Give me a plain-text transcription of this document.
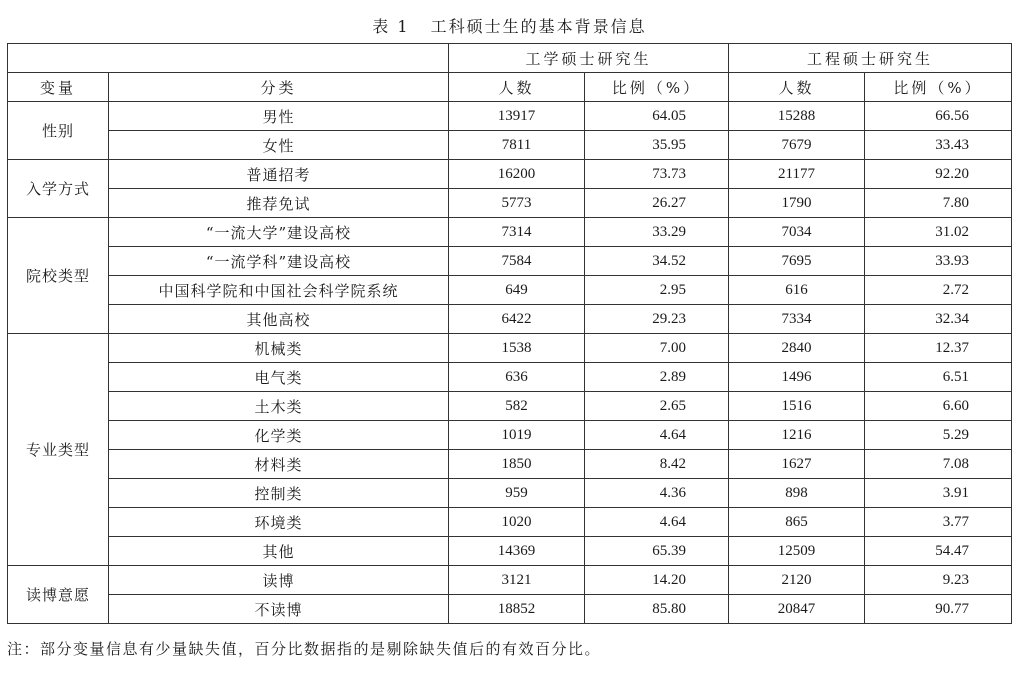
表 1 工科硕士生的基本背景信息
		工学硕士研究生		工程硕士研究生	
变量	分类	人数	比例（%）	人数	比例（%）
性别	男性	13917	64.05	15288	66.56
	女性	7811	35.95	7679	33.43
入学方式	普通招考	16200	73.73	21177	92.20
	推荐免试	5773	26.27	1790	7.80
院校类型	“一流大学”建设高校	7314	33.29	7034	31.02
	“一流学科”建设高校	7584	34.52	7695	33.93
	中国科学院和中国社会科学院系统	649	2.95	616	2.72
	其他高校	6422	29.23	7334	32.34
专业类型	机械类	1538	7.00	2840	12.37
	电气类	636	2.89	1496	6.51
	土木类	582	2.65	1516	6.60
	化学类	1019	4.64	1216	5.29
	材料类	1850	8.42	1627	7.08
	控制类	959	4.36	898	3.91
	环境类	1020	4.64	865	3.77
	其他	14369	65.39	12509	54.47
读博意愿	读博	3121	14.20	2120	9.23
	不读博	18852	85.80	20847	90.77
注：部分变量信息有少量缺失值，百分比数据指的是剔除缺失值后的有效百分比。
